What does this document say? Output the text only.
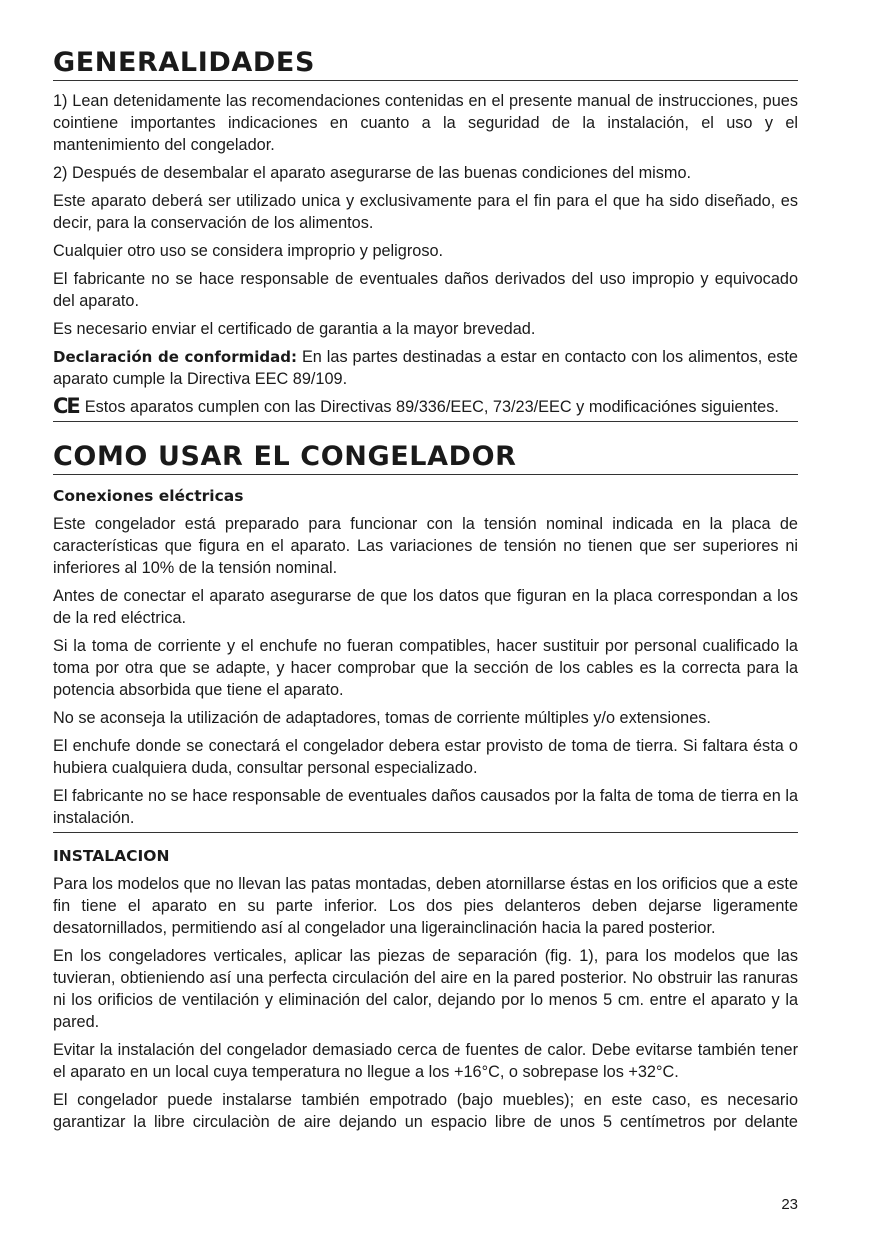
GENERALIDADES

1) Lean detenidamente las recomendaciones contenidas en el presente manual de instrucciones, pues cointiene importantes indicaciones en cuanto a la seguridad de la instalación, el uso y el mantenimiento del congelador.

2) Después de desembalar el aparato asegurarse de las buenas condiciones del mismo.

Este aparato deberá ser utilizado unica y exclusivamente para el fin para el que ha sido diseñado, es decir, para la conservación de los alimentos.

Cualquier otro uso se considera improprio y peligroso.

El fabricante no se hace responsable de eventuales daños derivados del uso impropio y equivocado del aparato.

Es necesario enviar el certificado de garantia a la mayor brevedad.

Declaración de conformidad: En las partes destinadas a estar en contacto con los alimentos, este aparato cumple la Directiva EEC 89/109.

CE Estos aparatos cumplen con las Directivas 89/336/EEC, 73/23/EEC y modificaciónes siguientes.

COMO USAR EL CONGELADOR
Conexiones eléctricas

Este congelador está preparado para funcionar con la tensión nominal indicada en la placa de características que figura en el aparato. Las variaciones de tensión no tienen que ser superiores ni inferiores al 10% de la tensión nominal.

Antes de conectar el aparato asegurarse de que los datos que figuran en la placa correspondan a los de la red eléctrica.

Si la toma de corriente y el enchufe no fueran compatibles, hacer sustituir por personal cualificado la toma por otra que se adapte, y hacer comprobar que la sección de los cables es la correcta para la potencia absorbida que tiene el aparato.

No se aconseja la utilización de adaptadores, tomas de corriente múltiples y/o extensiones.

El enchufe donde se conectará el congelador debera estar provisto de toma de tierra. Si faltara ésta o hubiera cualquiera duda, consultar personal especializado.

El fabricante no se hace responsable de eventuales daños causados por la falta de toma de tierra en la instalación.

INSTALACION

Para los modelos que no llevan las patas montadas, deben atornillarse éstas en los orificios que a este fin tiene el aparato en su parte inferior. Los dos pies delanteros deben dejarse ligeramente desatornillados, permitiendo así al congelador una ligerainclinación hacia la pared posterior.

En los congeladores verticales, aplicar las piezas de separación (fig. 1), para los modelos que las tuvieran, obtieniendo así una perfecta circulación del aire en la pared posterior. No obstruir las ranuras ni los orificios de ventilación y eliminación del calor, dejando por lo menos 5 cm. entre el aparato y la pared.

Evitar la instalación del congelador demasiado cerca de fuentes de calor. Debe evitarse también tener el aparato en un local cuya temperatura no llegue a los +16°C, o sobrepase los +32°C.

El congelador puede instalarse también empotrado (bajo muebles); en este caso, es necesario garantizar la libre circulaciòn de aire dejando un espacio libre de unos 5 centímetros por delante

23
